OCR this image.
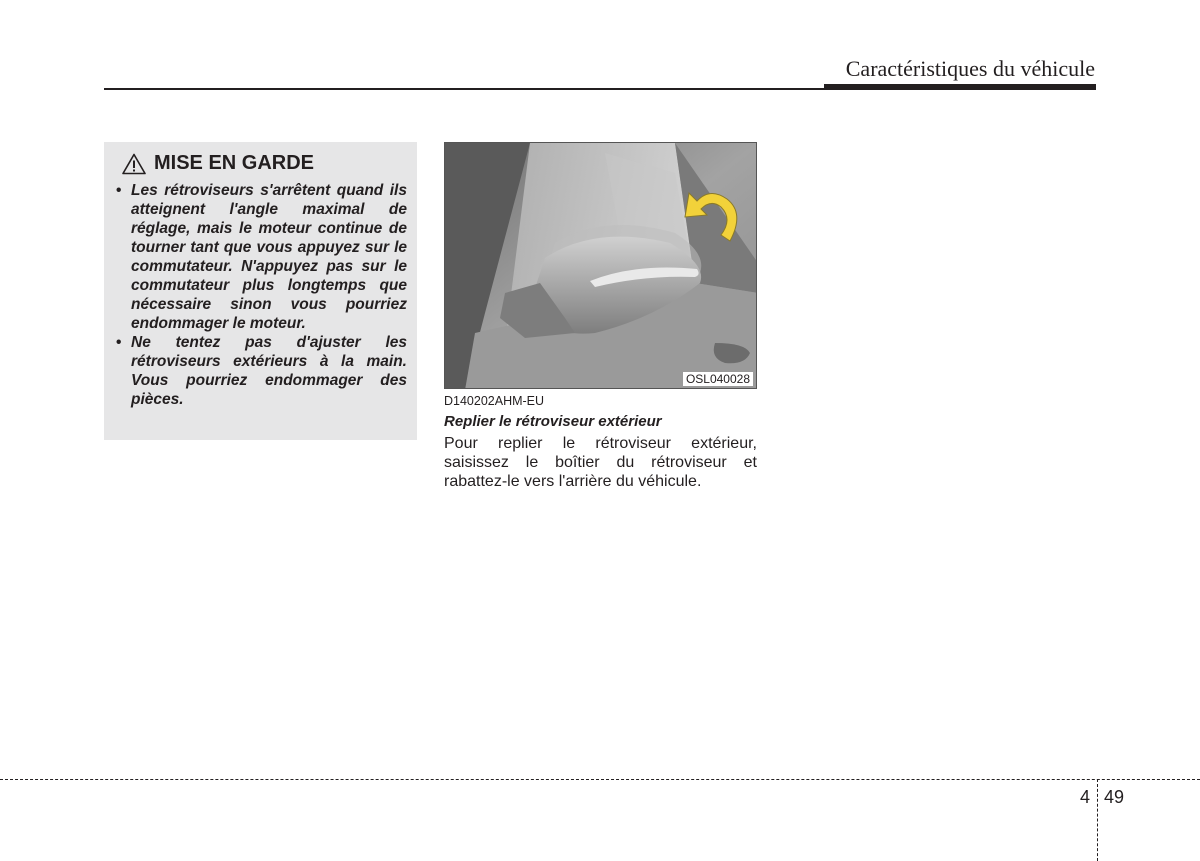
Caractéristiques du véhicule
MISE EN GARDE
• Les rétroviseurs s'arrêtent quand ils atteignent l'angle maximal de réglage, mais le moteur continue de tourner tant que vous appuyez sur le commutateur. N'appuyez pas sur le commutateur plus longtemps que nécessaire sinon vous pourriez endommager le moteur.
• Ne tentez pas d'ajuster les rétroviseurs extérieurs à la main. Vous pourriez endommager des pièces.
OSL040028
D140202AHM-EU
Replier le rétroviseur extérieur
Pour replier le rétroviseur extérieur, saisissez le boîtier du rétroviseur et rabattez-le vers l'arrière du véhicule.
4 49
